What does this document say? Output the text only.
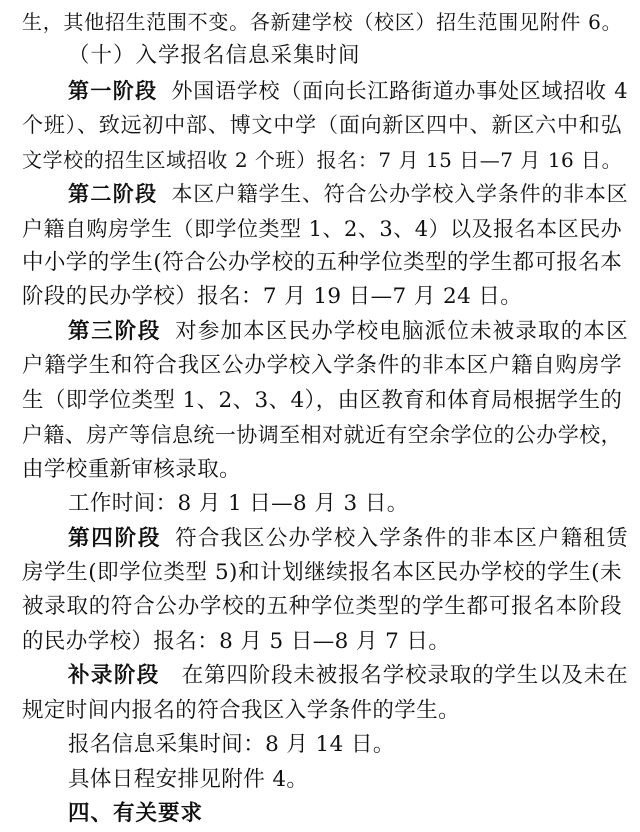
生，其他招生范围不变。各新建学校（校区）招生范围见附件 6。
（十）入学报名信息采集时间
第一阶段 外国语学校（面向长江路街道办事处区域招收 4
个班）、致远初中部、博文中学（面向新区四中、新区六中和弘
文学校的招生区域招收 2 个班）报名：7 月 15 日—7 月 16 日。
第二阶段 本区户籍学生、符合公办学校入学条件的非本区
户籍自购房学生（即学位类型 1、2、3、4）以及报名本区民办
中小学的学生(符合公办学校的五种学位类型的学生都可报名本
阶段的民办学校）报名：7 月 19 日—7 月 24 日。
第三阶段 对参加本区民办学校电脑派位未被录取的本区
户籍学生和符合我区公办学校入学条件的非本区户籍自购房学
生（即学位类型 1、2、3、4），由区教育和体育局根据学生的
户籍、房产等信息统一协调至相对就近有空余学位的公办学校，
由学校重新审核录取。
工作时间：8 月 1 日—8 月 3 日。
第四阶段 符合我区公办学校入学条件的非本区户籍租赁
房学生(即学位类型 5)和计划继续报名本区民办学校的学生(未
被录取的符合公办学校的五种学位类型的学生都可报名本阶段
的民办学校）报名：8 月 5 日—8 月 7 日。
补录阶段 在第四阶段未被报名学校录取的学生以及未在
规定时间内报名的符合我区入学条件的学生。
报名信息采集时间：8 月 14 日。
具体日程安排见附件 4。
四、有关要求
